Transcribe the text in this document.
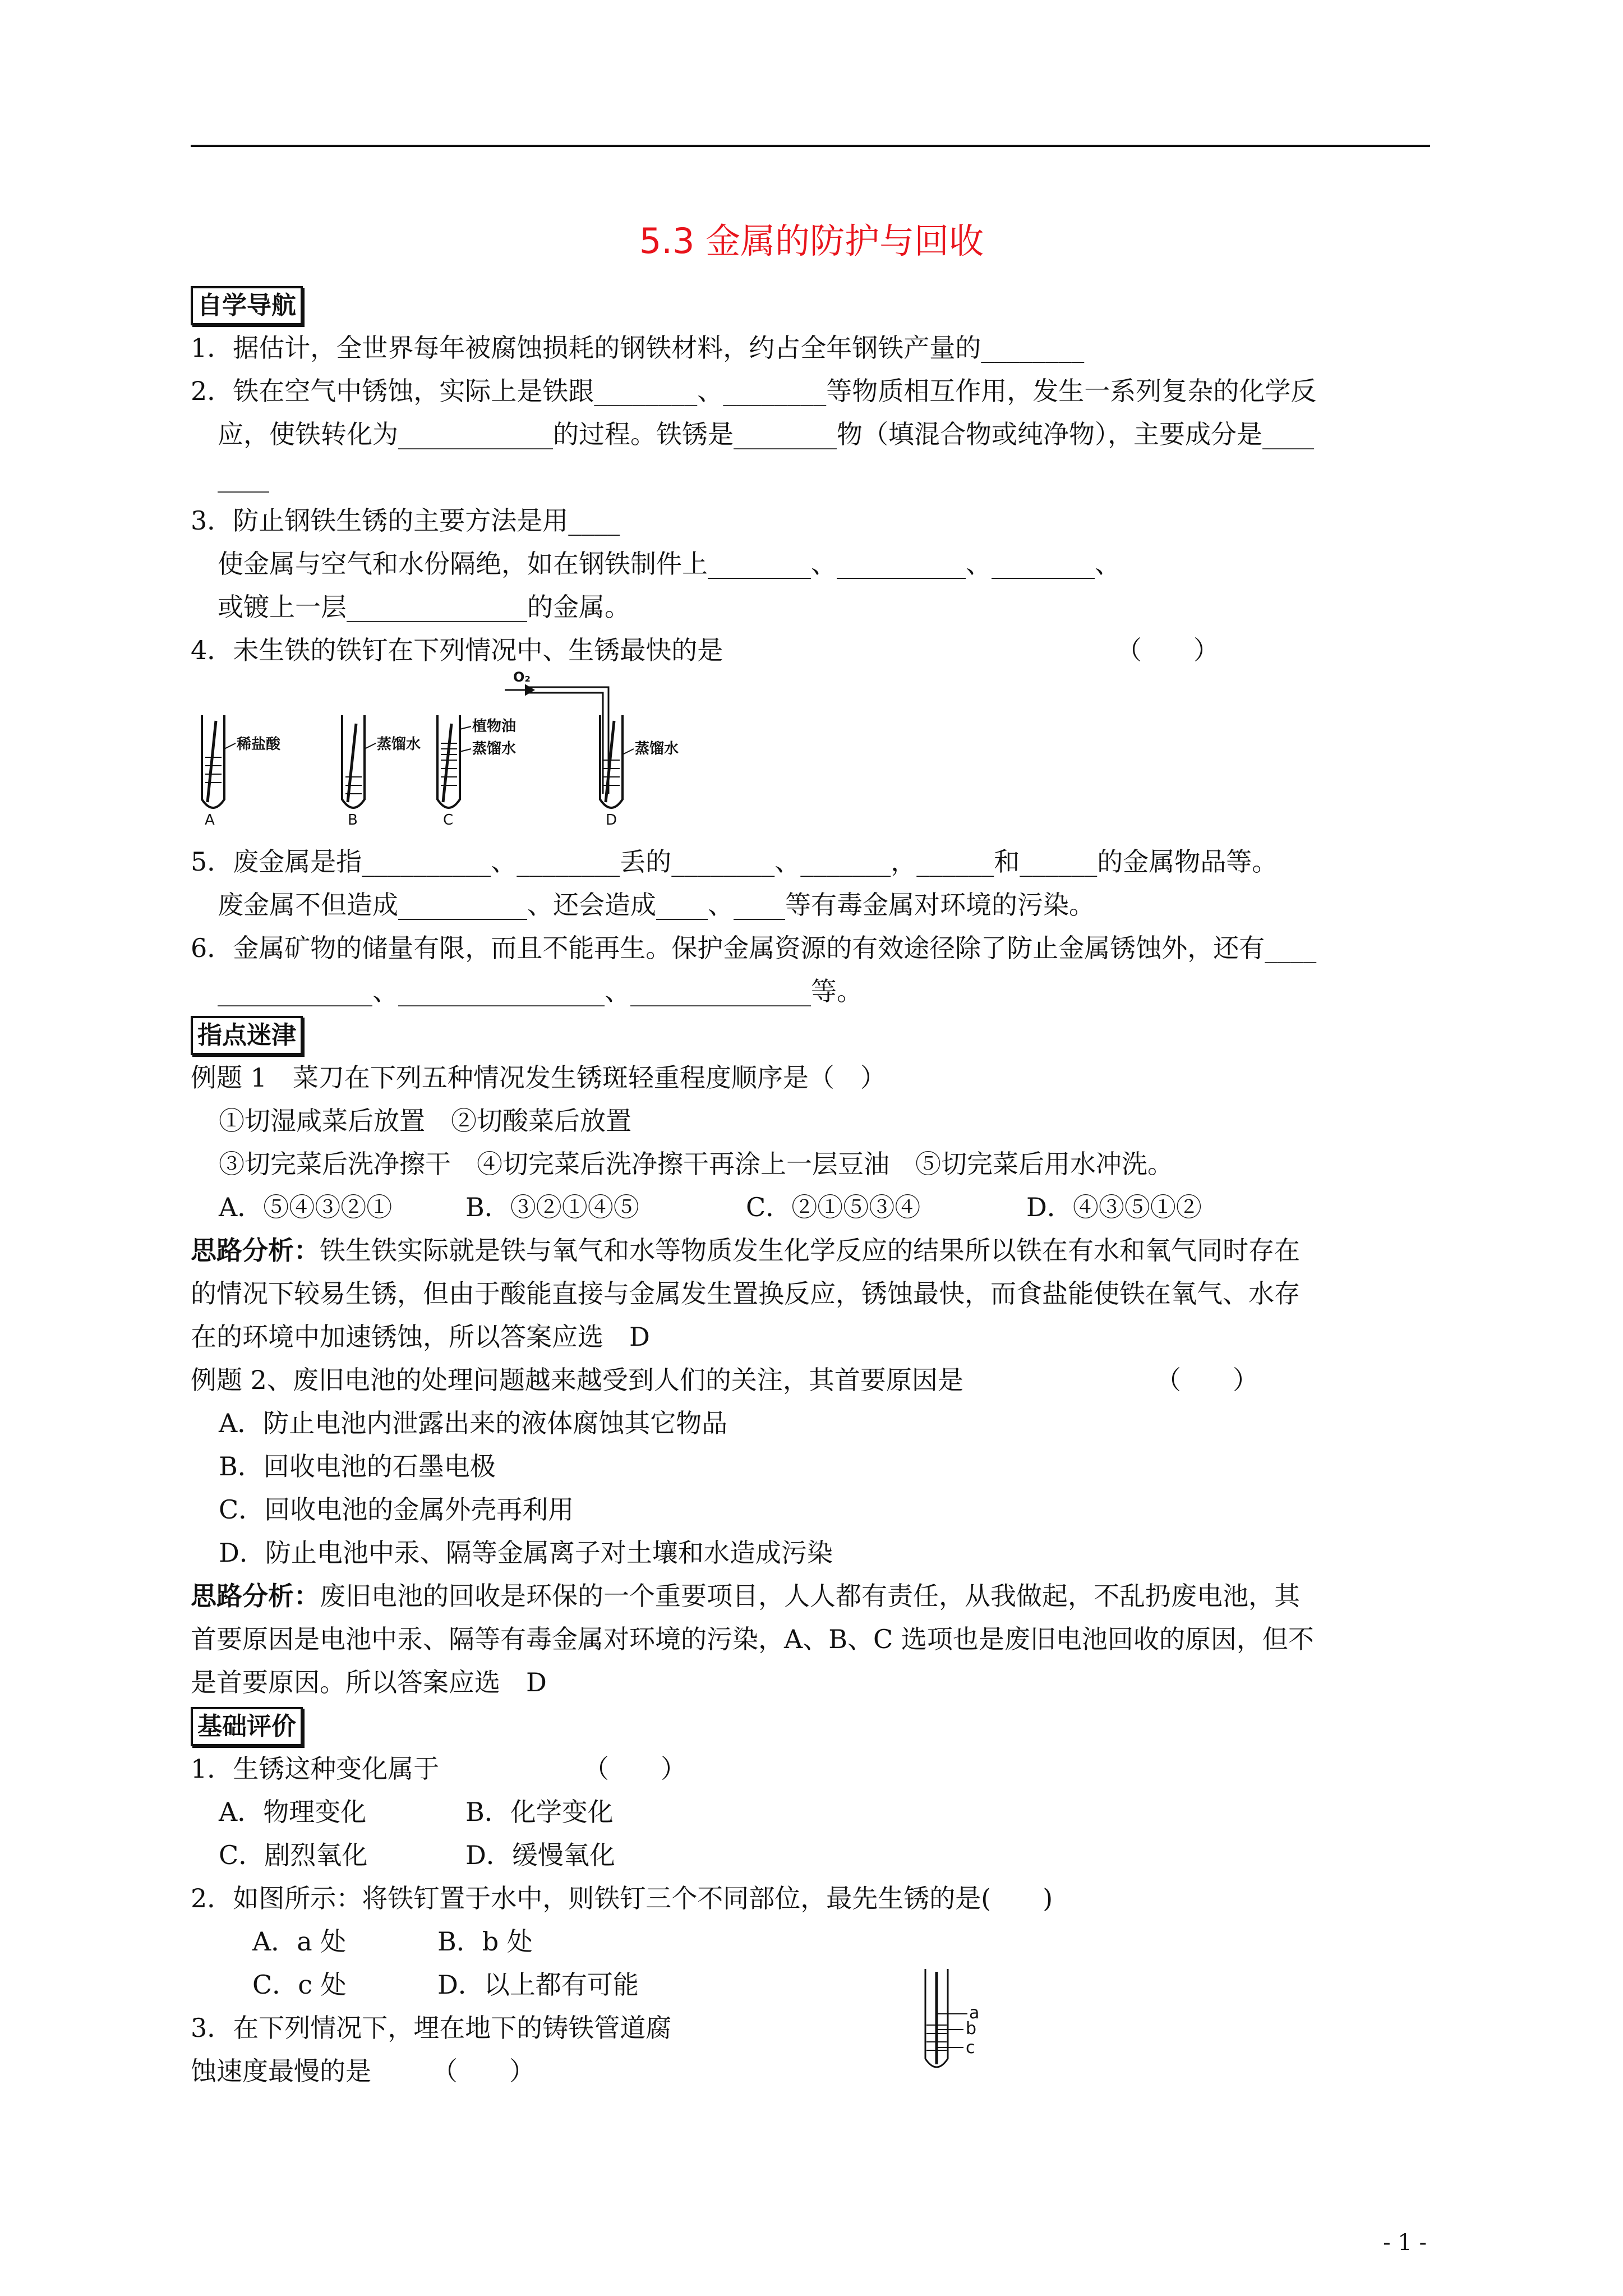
5.3 金属的防护与回收
自学导航
1．据估计，全世界每年被腐蚀损耗的钢铁材料，约占全年钢铁产量的________
2．铁在空气中锈蚀，实际上是铁跟________、________等物质相互作用，发生一系列复杂的化学反
应，使铁转化为____________的过程。铁锈是________物（填混合物或纯净物），主要成分是____
____
3．防止钢铁生锈的主要方法是用____
使金属与空气和水份隔绝，如在钢铁制件上________、__________、________、
或镀上一层______________的金属。
4．未生铁的铁钉在下列情况中、生锈最快的是	（　　）
5．废金属是指__________、________丢的________、_______，______和______的金属物品等。
废金属不但造成__________、还会造成____、____等有毒金属对环境的污染。
6．金属矿物的储量有限，而且不能再生。保护金属资源的有效途径除了防止金属锈蚀外，还有____
____________、________________、______________等。
指点迷津
例题 1　菜刀在下列五种情况发生锈斑轻重程度顺序是（　）
①切湿咸菜后放置　②切酸菜后放置
③切完菜后洗净擦干　④切完菜后洗净擦干再涂上一层豆油　⑤切完菜后用水冲洗。
A．⑤④③②①	B．③②①④⑤	C．②①⑤③④	D．④③⑤①②
思路分析：铁生铁实际就是铁与氧气和水等物质发生化学反应的结果所以铁在有水和氧气同时存在
的情况下较易生锈，但由于酸能直接与金属发生置换反应，锈蚀最快，而食盐能使铁在氧气、水存
在的环境中加速锈蚀，所以答案应选　D
例题 2、废旧电池的处理问题越来越受到人们的关注，其首要原因是	（　　）
A．防止电池内泄露出来的液体腐蚀其它物品
B．回收电池的石墨电极
C．回收电池的金属外壳再利用
D．防止电池中汞、隔等金属离子对土壤和水造成污染
思路分析：废旧电池的回收是环保的一个重要项目，人人都有责任，从我做起，不乱扔废电池，其
首要原因是电池中汞、隔等有毒金属对环境的污染，A、B、C 选项也是废旧电池回收的原因，但不
是首要原因。所以答案应选　D
基础评价
1．生锈这种变化属于	（　　）
A．物理变化	B．化学变化
C．剧烈氧化	D．缓慢氧化
2．如图所示：将铁钉置于水中，则铁钉三个不同部位，最先生锈的是(　　)
A．a 处	B．b 处
C．c 处	D．以上都有可能
3．在下列情况下，埋在地下的铸铁管道腐
蚀速度最慢的是 （　　）
稀盐酸	蒸馏水
植物油
蒸馏水	蒸馏水
O₂
A	B	C	D
a
b
c
- 1 -
